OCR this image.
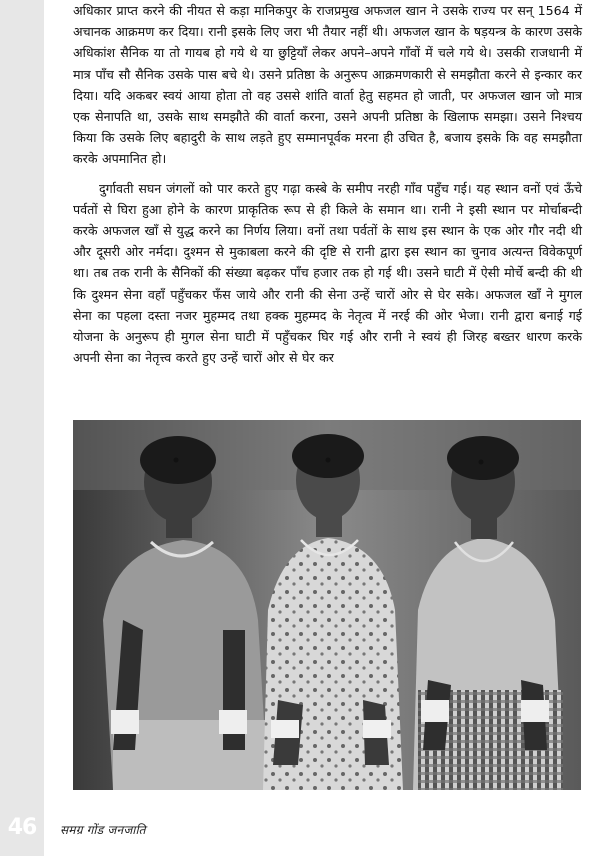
46

अधिकार प्राप्त करने की नीयत से कड़ा मानिकपुर के राजप्रमुख अफजल खान ने उसके राज्य पर सन् 1564 में अचानक आक्रमण कर दिया। रानी इसके लिए जरा भी तैयार नहीं थी। अफजल खान के षड़यन्त्र के कारण उसके अधिकांश सैनिक या तो गायब हो गये थे या छुट्टियाँ लेकर अपने–अपने गाँवों में चले गये थे। उसकी राजधानी में मात्र पाँच सौ सैनिक उसके पास बचे थे। उसने प्रतिष्ठा के अनुरूप आक्रमणकारी से समझौता करने से इन्कार कर दिया। यदि अकबर स्वयं आया होता तो वह उससे शांति वार्ता हेतु सहमत हो जाती, पर अफजल खान जो मात्र एक सेनापति था, उसके साथ समझौते की वार्ता करना, उसने अपनी प्रतिष्ठा के खिलाफ समझा। उसने निश्चय किया कि उसके लिए बहादुरी के साथ लड़ते हुए सम्मानपूर्वक मरना ही उचित है, बजाय इसके कि वह समझौता करके अपमानित हो।

दुर्गावती सघन जंगलों को पार करते हुए गढ़ा कस्बे के समीप नरही गाँव पहुँच गई। यह स्थान वनों एवं ऊँचे पर्वतों से घिरा हुआ होने के कारण प्राकृतिक रूप से ही किले के समान था। रानी ने इसी स्थान पर मोर्चाबन्दी करके अफजल खाँ से युद्ध करने का निर्णय लिया। वनों तथा पर्वतों के साथ इस स्थान के एक ओर गौर नदी थी और दूसरी ओर नर्मदा। दुश्मन से मुकाबला करने की दृष्टि से रानी द्वारा इस स्थान का चुनाव अत्यन्त विवेकपूर्ण था। तब तक रानी के सैनिकों की संख्या बढ़कर पाँच हजार तक हो गई थी। उसने घाटी में ऐसी मोर्चे बन्दी की थी कि दुश्मन सेना वहाँ पहुँचकर फँस जाये और रानी की सेना उन्हें चारों ओर से घेर सके। अफजल खाँ ने मुगल सेना का पहला दस्ता नजर मुहम्मद तथा हक्क मुहम्मद के नेतृत्व में नरई की ओर भेजा। रानी द्वारा बनाई गई योजना के अनुरूप ही मुगल सेना घाटी में पहुँचकर घिर गई और रानी ने स्वयं ही जिरह बख्तर धारण करके अपनी सेना का नेतृत्त्व करते हुए उन्हें चारों ओर से घेर कर

समग्र गोंड जनजाति
